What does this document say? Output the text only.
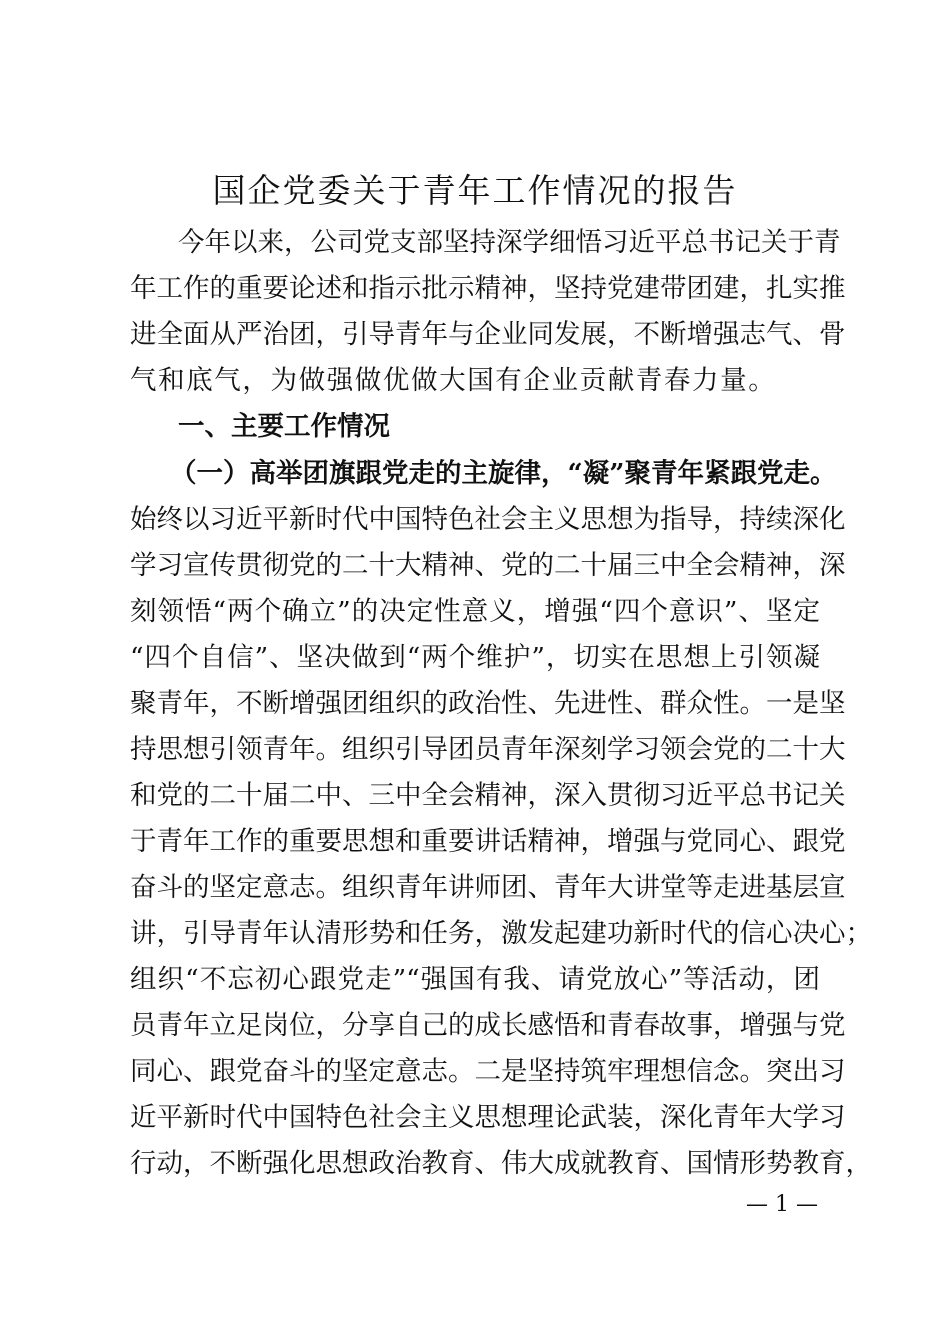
国企党委关于青年工作情况的报告

今年以来，公司党支部坚持深学细悟习近平总书记关于青

年工作的重要论述和指示批示精神，坚持党建带团建，扎实推

进全面从严治团，引导青年与企业同发展，不断增强志气、骨

气和底气，为做强做优做大国有企业贡献青春力量。

一、主要工作情况
（一）高举团旗跟党走的主旋律，“凝”聚青年紧跟党走。

始终以习近平新时代中国特色社会主义思想为指导，持续深化

学习宣传贯彻党的二十大精神、党的二十届三中全会精神，深

刻领悟“两个确立”的决定性意义，增强“四个意识”、坚定

“四个自信”、坚决做到“两个维护”，切实在思想上引领凝

聚青年，不断增强团组织的政治性、先进性、群众性。一是坚

持思想引领青年。组织引导团员青年深刻学习领会党的二十大

和党的二十届二中、三中全会精神，深入贯彻习近平总书记关

于青年工作的重要思想和重要讲话精神，增强与党同心、跟党

奋斗的坚定意志。组织青年讲师团、青年大讲堂等走进基层宣

讲，引导青年认清形势和任务，激发起建功新时代的信心决心；

组织“不忘初心跟党走”“强国有我、请党放心”等活动，团

员青年立足岗位，分享自己的成长感悟和青春故事，增强与党

同心、跟党奋斗的坚定意志。二是坚持筑牢理想信念。突出习

近平新时代中国特色社会主义思想理论武装，深化青年大学习

行动，不断强化思想政治教育、伟大成就教育、国情形势教育，

— 1 —
